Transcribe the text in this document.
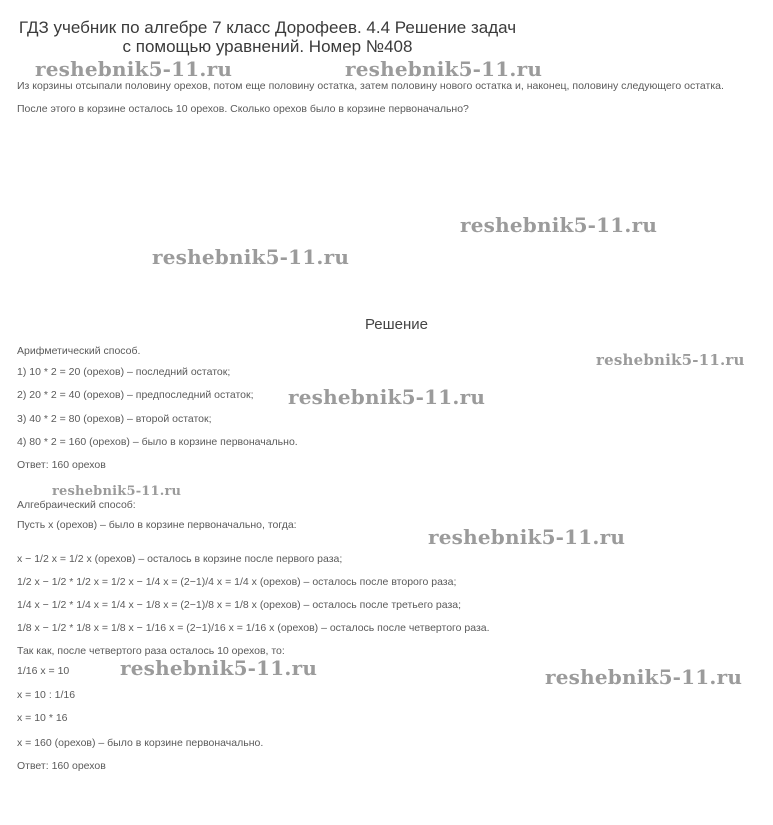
ГДЗ учебник по алгебре 7 класс Дорофеев. 4.4 Решение задач
с помощью уравнений. Номер №408
reshebnik5-11.ru	reshebnik5-11.ru
Из корзины отсыпали половину орехов, потом еще половину остатка, затем половину нового остатка и, наконец, половину следующего остатка.
После этого в корзине осталось 10 орехов. Сколько орехов было в корзине первоначально?
reshebnik5-11.ru
reshebnik5-11.ru
Решение
Арифметический способ.	reshebnik5-11.ru
1) 10 * 2 = 20 (орехов) – последний остаток;
2) 20 * 2 = 40 (орехов) – предпоследний остаток; reshebnik5-11.ru
3) 40 * 2 = 80 (орехов) – второй остаток;
4) 80 * 2 = 160 (орехов) – было в корзине первоначально.
Ответ: 160 орехов
reshebnik5-11.ru
Алгебраический способ:
Пусть x (орехов) – было в корзине первоначально, тогда:	reshebnik5-11.ru
x − 1/2 x = 1/2 x (орехов) – осталось в корзине после первого раза;
1/2 x − 1/2 * 1/2 x = 1/2 x − 1/4 x = (2−1)/4 x = 1/4 x (орехов) – осталось после второго раза;
1/4 x − 1/2 * 1/4 x = 1/4 x − 1/8 x = (2−1)/8 x = 1/8 x (орехов) – осталось после третьего раза;
1/8 x − 1/2 * 1/8 x = 1/8 x − 1/16 x = (2−1)/16 x = 1/16 x (орехов) – осталось после четвертого раза.
Так как, после четвертого раза осталось 10 орехов, то:
1/16 x = 10	reshebnik5-11.ru	reshebnik5-11.ru
x = 10 : 1/16
x = 10 * 16
x = 160 (орехов) – было в корзине первоначально.
Ответ: 160 орехов
